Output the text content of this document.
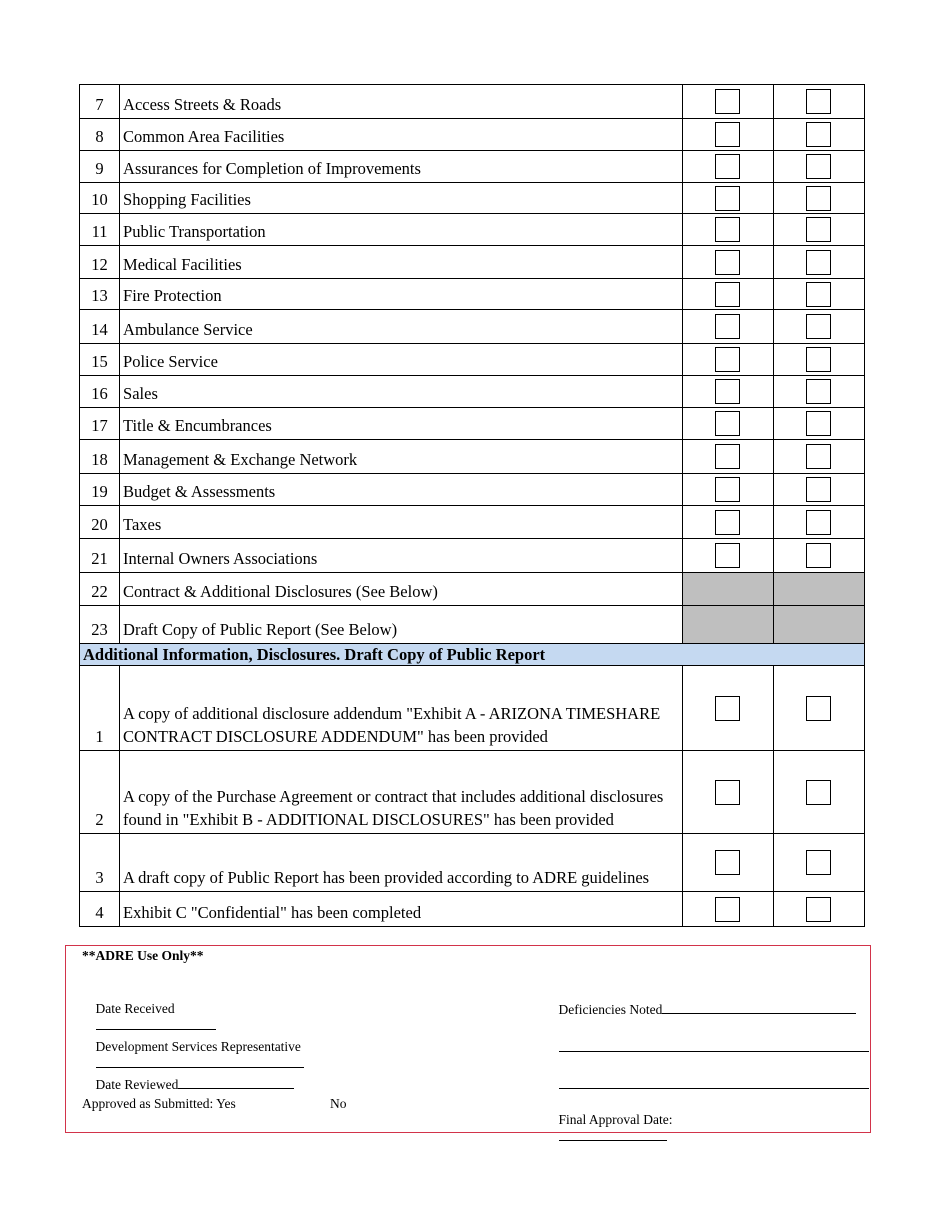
7	Access Streets & Roads		
8	Common Area Facilities		
9	Assurances for Completion of Improvements		
10	Shopping Facilities		
11	Public Transportation		
12	Medical Facilities		
13	Fire Protection		
14	Ambulance Service		
15	Police Service		
16	Sales		
17	Title & Encumbrances		
18	Management & Exchange Network		
19	Budget & Assessments		
20	Taxes		
21	Internal Owners Associations		
22	Contract & Additional Disclosures (See Below)		
23	Draft Copy of Public Report (See Below)		
Additional Information, Disclosures. Draft Copy of Public Report			
1	A copy of additional disclosure addendum "Exhibit A - ARIZONA TIMESHARE CONTRACT DISCLOSURE ADDENDUM" has been provided		
2	A copy of the Purchase Agreement or contract that includes additional disclosures found in "Exhibit B - ADDITIONAL DISCLOSURES" has been provided		
3	A draft copy of Public Report has been provided according to ADRE guidelines		
4	Exhibit C "Confidential" has been completed		
**ADRE Use Only**

Date Received

	Deficiencies Noted

Development Services Representative

Date Reviewed

Approved as Submitted: Yes	No

Final Approval Date:
